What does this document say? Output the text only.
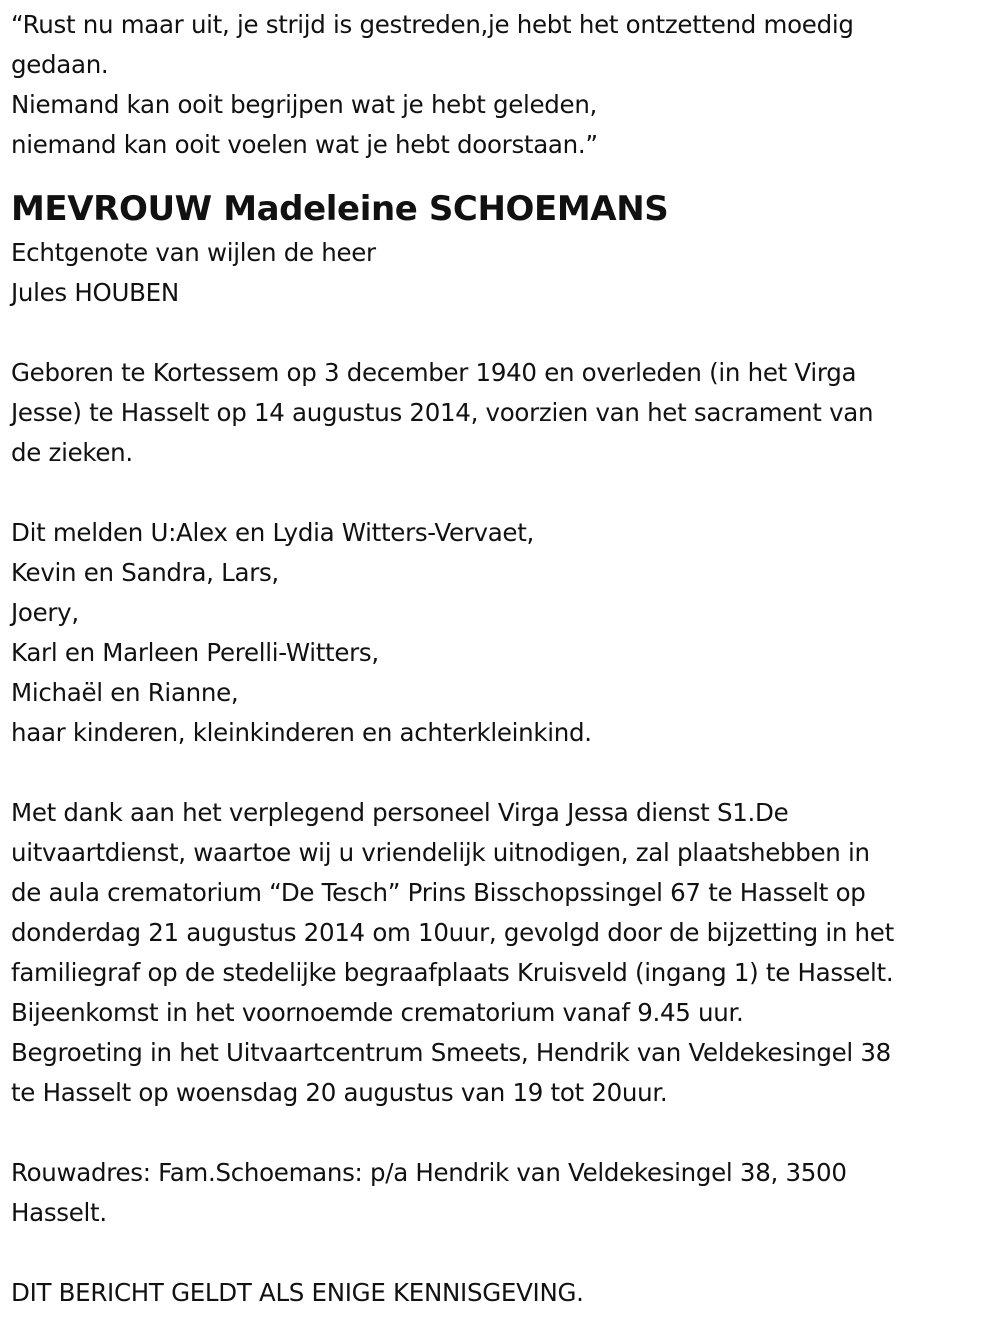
“Rust nu maar uit, je strijd is gestreden,je hebt het ontzettend moedig
gedaan.
Niemand kan ooit begrijpen wat je hebt geleden,
niemand kan ooit voelen wat je hebt doorstaan.”
MEVROUW Madeleine SCHOEMANS
Echtgenote van wijlen de heer
Jules HOUBEN
Geboren te Kortessem op 3 december 1940 en overleden (in het Virga
Jesse) te Hasselt op 14 augustus 2014, voorzien van het sacrament van
de zieken.
Dit melden U:Alex en Lydia Witters-Vervaet,
Kevin en Sandra, Lars,
Joery,
Karl en Marleen Perelli-Witters,
Michaël en Rianne,
haar kinderen, kleinkinderen en achterkleinkind.
Met dank aan het verplegend personeel Virga Jessa dienst S1.De
uitvaartdienst, waartoe wij u vriendelijk uitnodigen, zal plaatshebben in
de aula crematorium “De Tesch” Prins Bisschopssingel 67 te Hasselt op
donderdag 21 augustus 2014 om 10uur, gevolgd door de bijzetting in het
familiegraf op de stedelijke begraafplaats Kruisveld (ingang 1) te Hasselt.
Bijeenkomst in het voornoemde crematorium vanaf 9.45 uur.
Begroeting in het Uitvaartcentrum Smeets, Hendrik van Veldekesingel 38
te Hasselt op woensdag 20 augustus van 19 tot 20uur.
Rouwadres: Fam.Schoemans: p/a Hendrik van Veldekesingel 38, 3500
Hasselt.
DIT BERICHT GELDT ALS ENIGE KENNISGEVING.
